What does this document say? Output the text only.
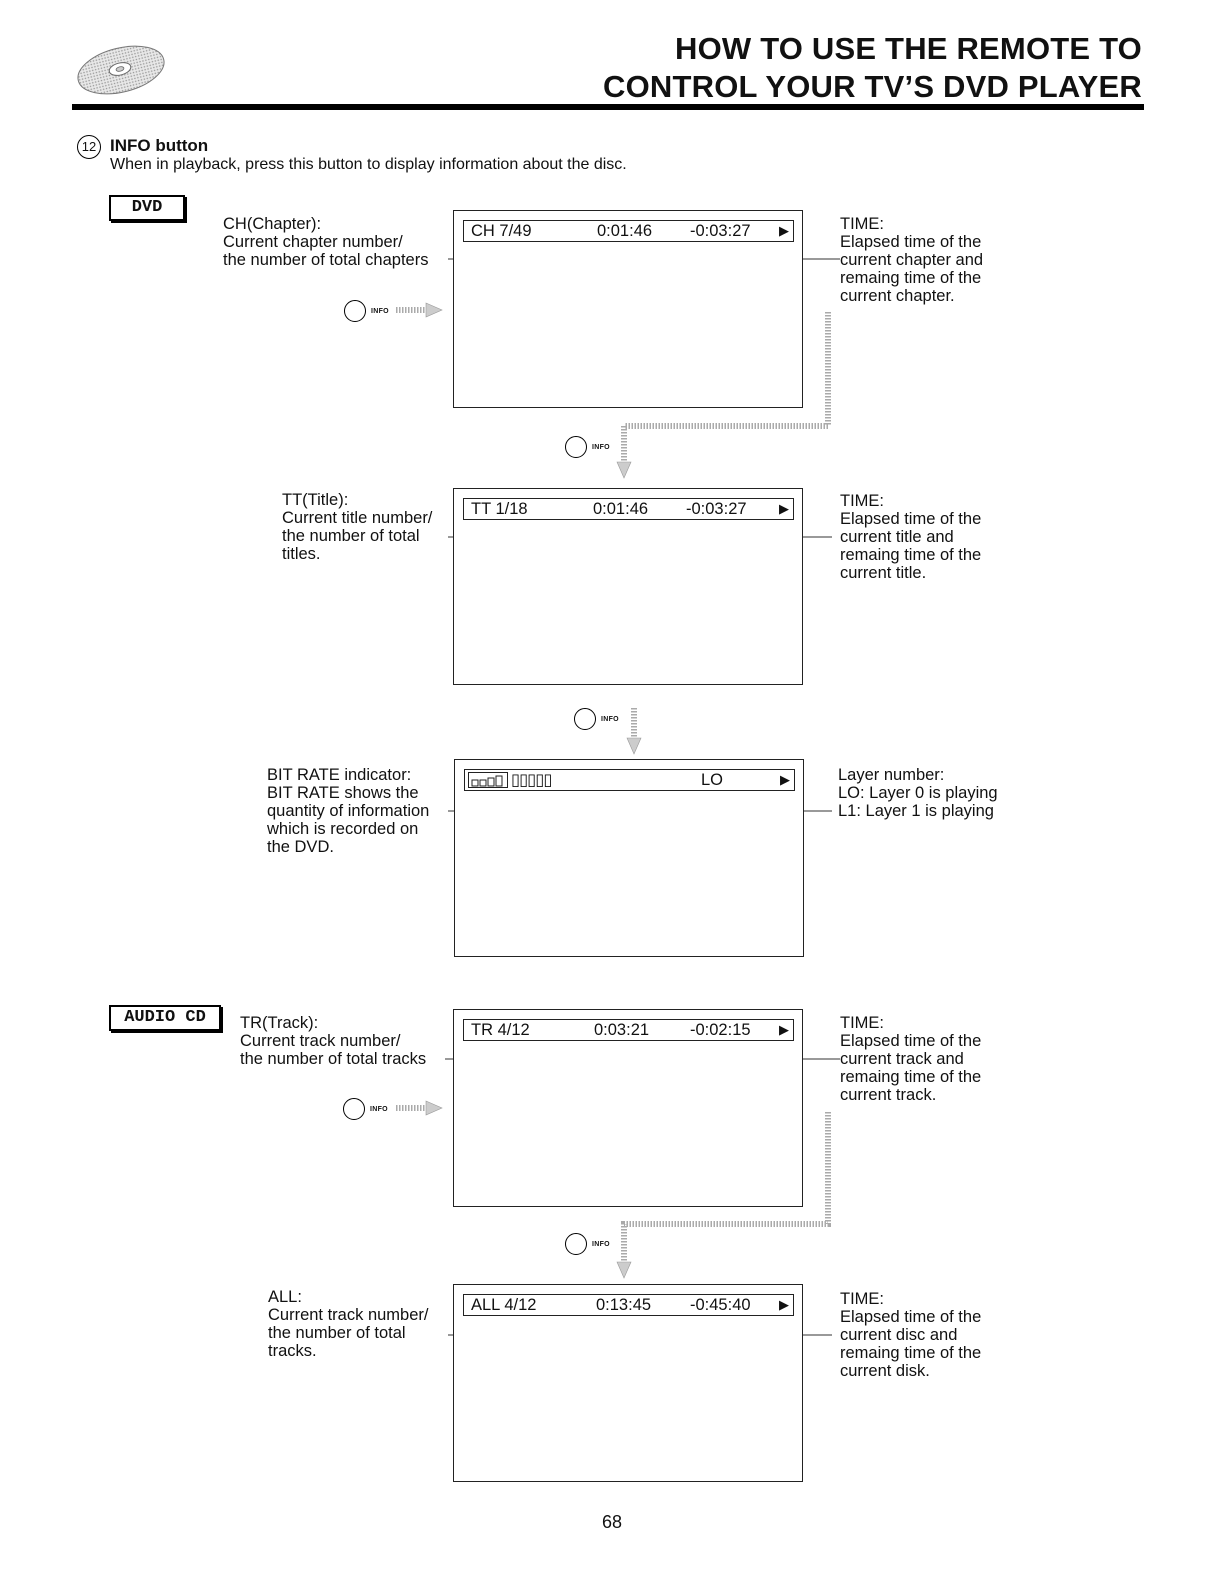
HOW TO USE THE REMOTE TO
CONTROL YOUR TV’S DVD PLAYER
12 INFO button
When in playback, press this button to display information about the disc.
DVD
AUDIO CD
INFO
INFO
INFO
INFO
INFO
CH(Chapter):
Current chapter number/
the number of total chapters
CH 7/49	0:01:46 -0:03:27 ▶	TIME:
Elapsed time of the
current chapter and
remaing time of the
current chapter.
TT(Title):
Current title number/
the number of total
titles.
TT 1/18	0:01:46 -0:03:27 ▶	TIME:
Elapsed time of the
current title and
remaing time of the
current title.
BIT RATE indicator:
BIT RATE shows the
quantity of information
which is recorded on
the DVD.
▯▯▯▯▯	LO	▶	Layer number:
LO: Layer 0 is playing
L1: Layer 1 is playing
TR(Track):
Current track number/
the number of total tracks
TR 4/12	0:03:21 -0:02:15 ▶	TIME:
Elapsed time of the
current track and
remaing time of the
current track.
ALL:
Current track number/
the number of total
tracks.
ALL 4/12	0:13:45 -0:45:40 ▶	TIME:
Elapsed time of the
current disc and
remaing time of the
current disk.
68
